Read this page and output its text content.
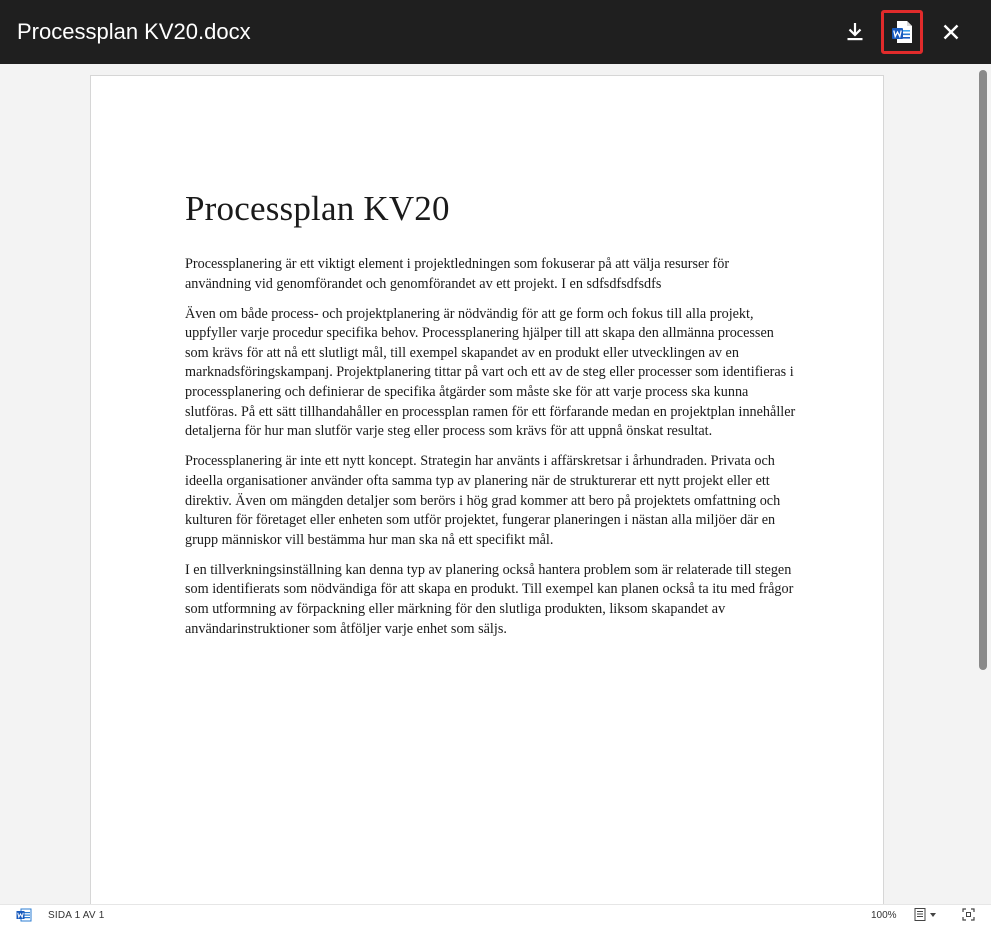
Processplan KV20.docx
Processplan KV20

Processplanering är ett viktigt element i projektledningen som fokuserar på att välja resurser för användning vid genomförandet och genomförandet av ett projekt. I en sdfsdfsdfsdfs

Även om både process- och projektplanering är nödvändig för att ge form och fokus till alla projekt, uppfyller varje procedur specifika behov. Processplanering hjälper till att skapa den allmänna processen som krävs för att nå ett slutligt mål, till exempel skapandet av en produkt eller utvecklingen av en marknadsföringskampanj. Projektplanering tittar på vart och ett av de steg eller processer som identifieras i processplanering och definierar de specifika åtgärder som måste ske för att varje process ska kunna slutföras. På ett sätt tillhandahåller en processplan ramen för ett förfarande medan en projektplan innehåller detaljerna för hur man slutför varje steg eller process som krävs för att uppnå önskat resultat.

Processplanering är inte ett nytt koncept. Strategin har använts i affärskretsar i århundraden. Privata och ideella organisationer använder ofta samma typ av planering när de strukturerar ett nytt projekt eller ett direktiv. Även om mängden detaljer som berörs i hög grad kommer att bero på projektets omfattning och kulturen för företaget eller enheten som utför projektet, fungerar planeringen i nästan alla miljöer där en grupp människor vill bestämma hur man ska nå ett specifikt mål.

I en tillverkningsinställning kan denna typ av planering också hantera problem som är relaterade till stegen som identifierats som nödvändiga för att skapa en produkt. Till exempel kan planen också ta itu med frågor som utformning av förpackning eller märkning för den slutliga produkten, liksom skapandet av användarinstruktioner som åtföljer varje enhet som säljs.

SIDA 1 AV 1	100%
